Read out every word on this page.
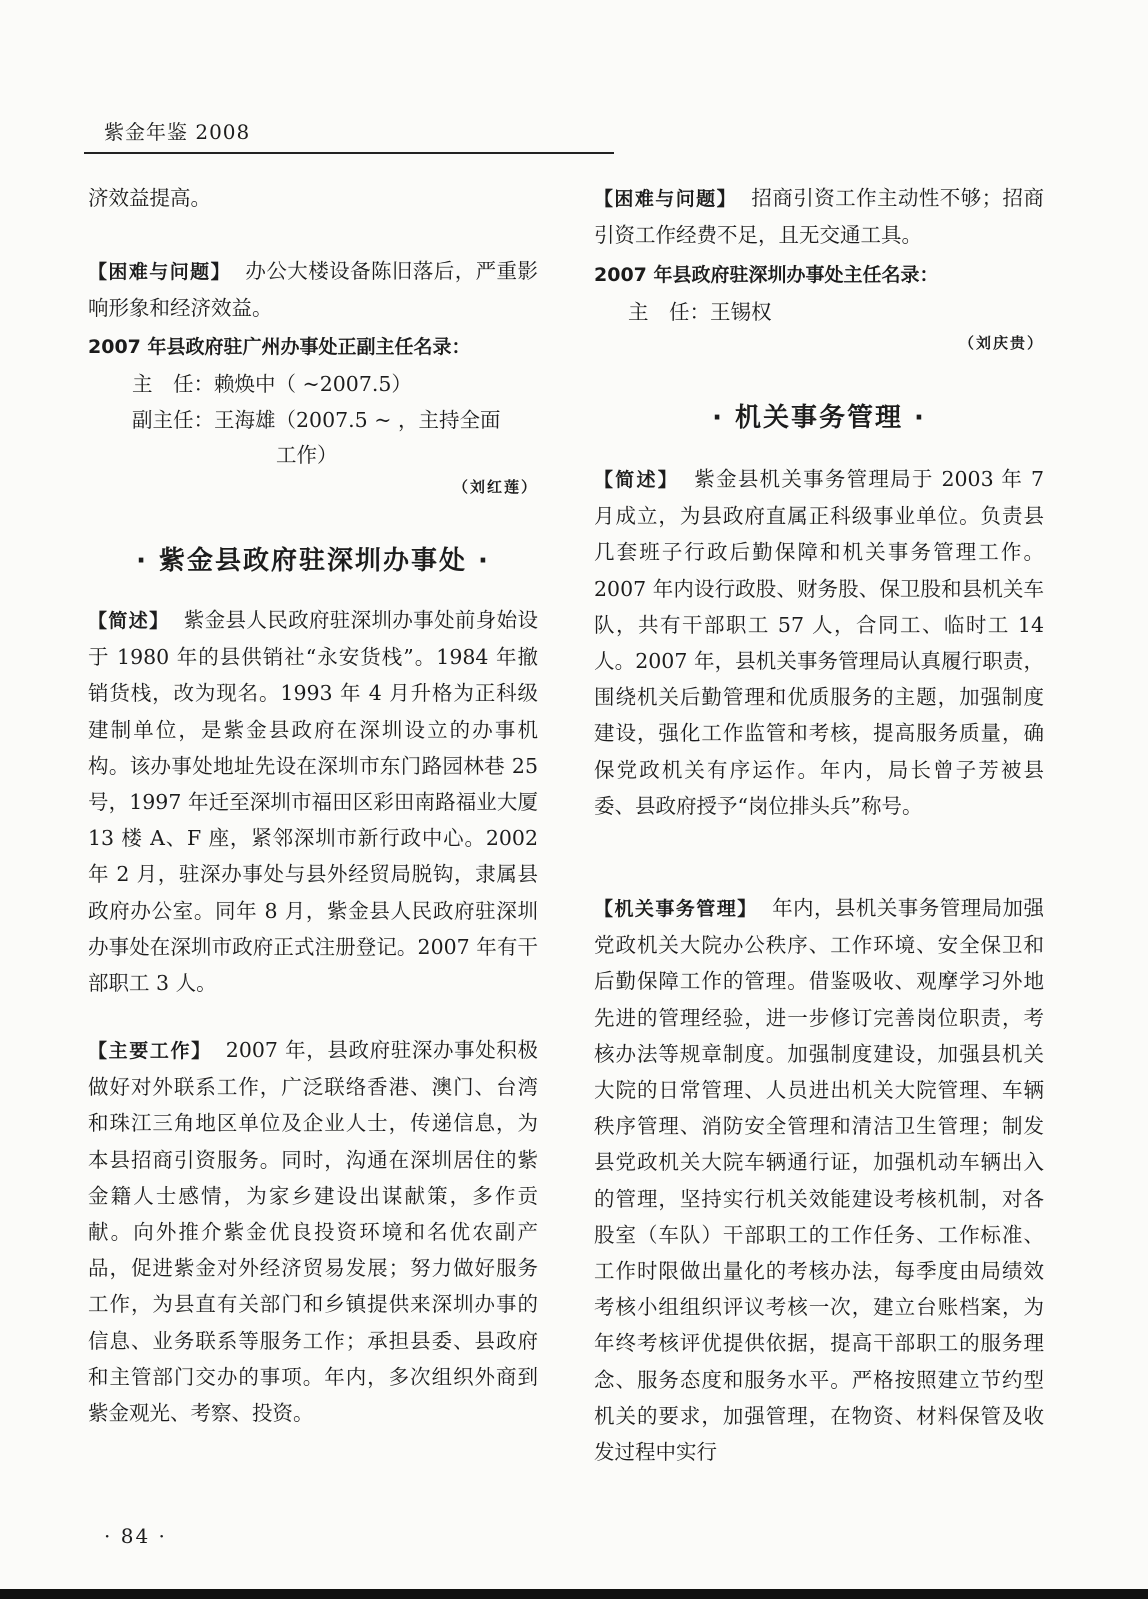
紫金年鉴 2008
济效益提高。
【困难与问题】 办公大楼设备陈旧落后，严重影响形象和经济效益。
2007 年县政府驻广州办事处正副主任名录：
主　任：赖焕中（ ~2007.5）
副主任：王海雄（2007.5 ~ ，主持全面
工作）
（刘红莲）
· 紫金县政府驻深圳办事处 ·
【简述】 紫金县人民政府驻深圳办事处前身始设于 1980 年的县供销社“永安货栈”。1984 年撤销货栈，改为现名。1993 年 4 月升格为正科级建制单位，是紫金县政府在深圳设立的办事机构。该办事处地址先设在深圳市东门路园林巷 25 号，1997 年迁至深圳市福田区彩田南路福业大厦 13 楼 A、F 座，紧邻深圳市新行政中心。2002 年 2 月，驻深办事处与县外经贸局脱钩，隶属县政府办公室。同年 8 月，紫金县人民政府驻深圳办事处在深圳市政府正式注册登记。2007 年有干部职工 3 人。
【主要工作】 2007 年，县政府驻深办事处积极做好对外联系工作，广泛联络香港、澳门、台湾和珠江三角地区单位及企业人士，传递信息，为本县招商引资服务。同时，沟通在深圳居住的紫金籍人士感情，为家乡建设出谋献策，多作贡献。向外推介紫金优良投资环境和名优农副产品，促进紫金对外经济贸易发展；努力做好服务工作，为县直有关部门和乡镇提供来深圳办事的信息、业务联系等服务工作；承担县委、县政府和主管部门交办的事项。年内，多次组织外商到紫金观光、考察、投资。
【困难与问题】 招商引资工作主动性不够；招商引资工作经费不足，且无交通工具。
2007 年县政府驻深圳办事处主任名录：
主　任：王锡权
（刘庆贵）
· 机关事务管理 ·
【简述】 紫金县机关事务管理局于 2003 年 7 月成立，为县政府直属正科级事业单位。负责县几套班子行政后勤保障和机关事务管理工作。2007 年内设行政股、财务股、保卫股和县机关车队，共有干部职工 57 人，合同工、临时工 14 人。2007 年，县机关事务管理局认真履行职责，围绕机关后勤管理和优质服务的主题，加强制度建设，强化工作监管和考核，提高服务质量，确保党政机关有序运作。年内，局长曾子芳被县委、县政府授予“岗位排头兵”称号。
【机关事务管理】 年内，县机关事务管理局加强党政机关大院办公秩序、工作环境、安全保卫和后勤保障工作的管理。借鉴吸收、观摩学习外地先进的管理经验，进一步修订完善岗位职责，考核办法等规章制度。加强制度建设，加强县机关大院的日常管理、人员进出机关大院管理、车辆秩序管理、消防安全管理和清洁卫生管理；制发县党政机关大院车辆通行证，加强机动车辆出入的管理，坚持实行机关效能建设考核机制，对各股室（车队）干部职工的工作任务、工作标准、工作时限做出量化的考核办法，每季度由局绩效考核小组组织评议考核一次，建立台账档案，为年终考核评优提供依据，提高干部职工的服务理念、服务态度和服务水平。严格按照建立节约型机关的要求，加强管理，在物资、材料保管及收发过程中实行
· 84 ·
